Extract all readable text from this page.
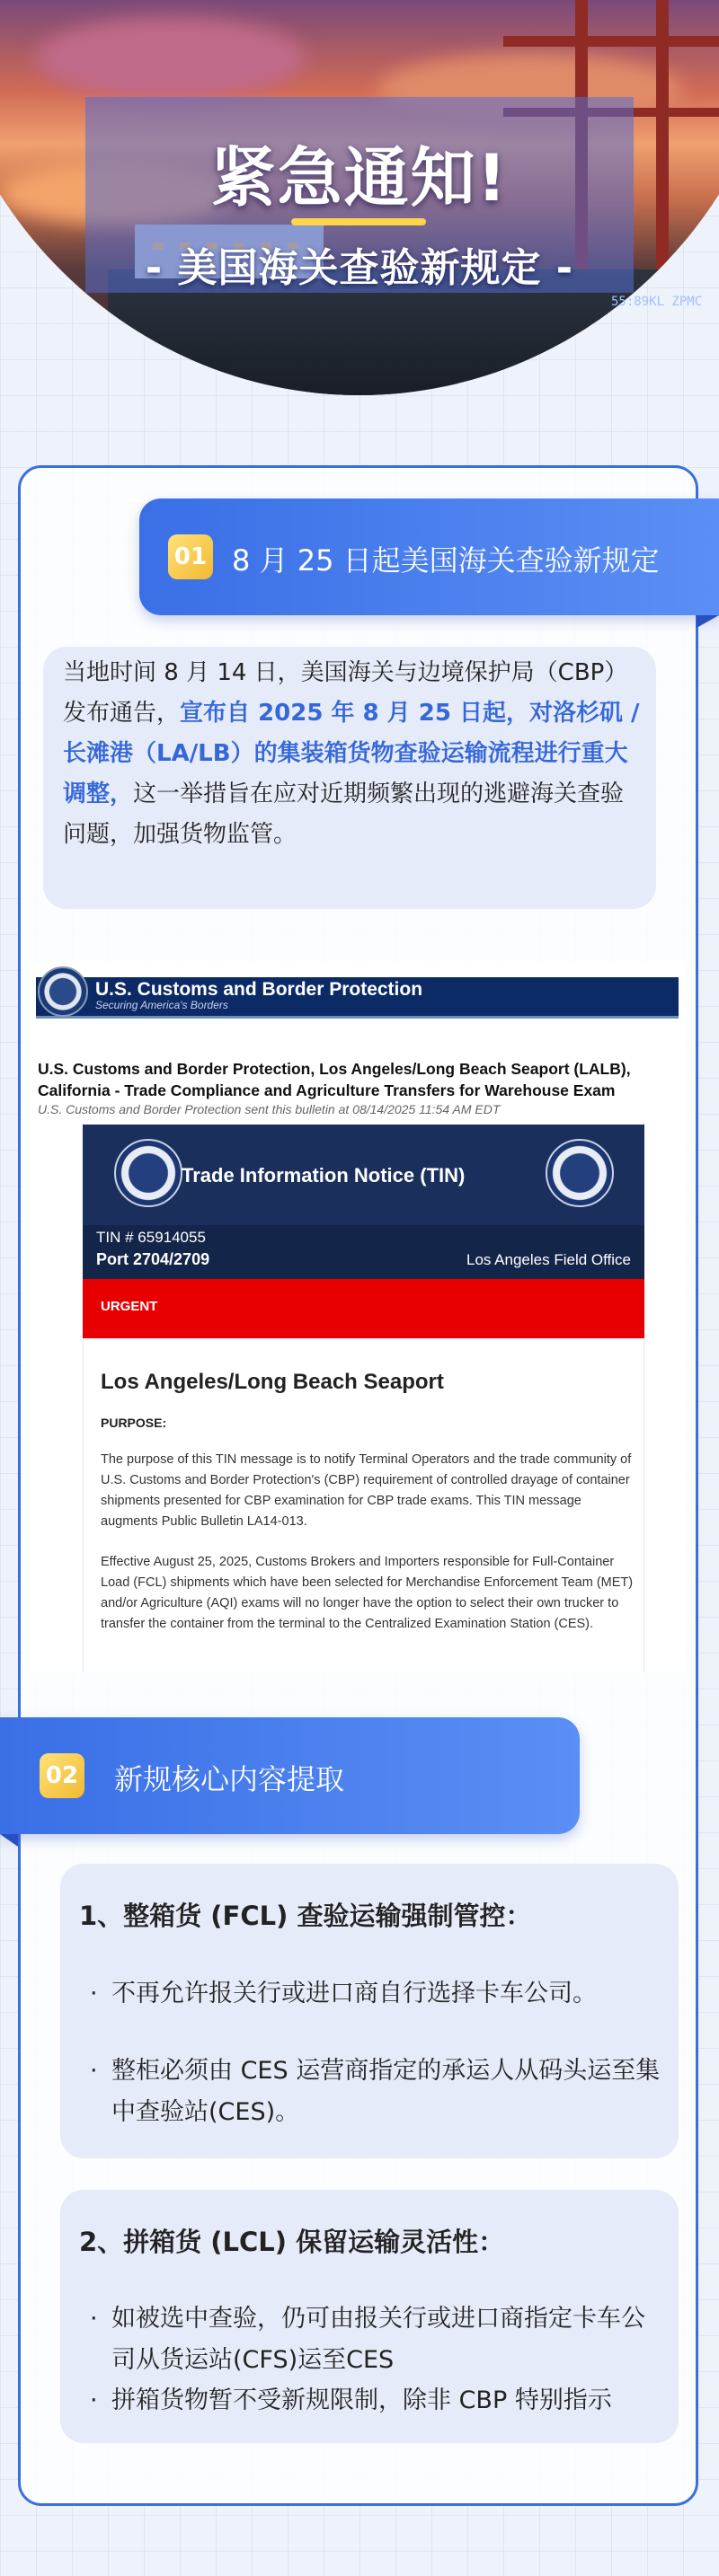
紧急通知!
- 美国海关查验新规定 -
55:89KL ZPMC
01 8 月 25 日起美国海关查验新规定
当地时间 8 月 14 日，美国海关与边境保护局（CBP）发布通告，宣布自 2025 年 8 月 25 日起，对洛杉矶 / 长滩港（LA/LB）的集装箱货物查验运输流程进行重大调整，这一举措旨在应对近期频繁出现的逃避海关查验问题，加强货物监管。
U.S. Customs and Border Protection
Securing America's Borders
U.S. Customs and Border Protection, Los Angeles/Long Beach Seaport (LALB), California - Trade Compliance and Agriculture Transfers for Warehouse Exam
U.S. Customs and Border Protection sent this bulletin at 08/14/2025 11:54 AM EDT
Trade Information Notice (TIN)
TIN # 65914055
Port 2704/2709	Los Angeles Field Office
URGENT
Los Angeles/Long Beach Seaport
PURPOSE:
The purpose of this TIN message is to notify Terminal Operators and the trade community of U.S. Customs and Border Protection's (CBP) requirement of controlled drayage of container shipments presented for CBP examination for CBP trade exams. This TIN message augments Public Bulletin LA14-013.
Effective August 25, 2025, Customs Brokers and Importers responsible for Full-Container Load (FCL) shipments which have been selected for Merchandise Enforcement Team (MET) and/or Agriculture (AQI) exams will no longer have the option to select their own trucker to transfer the container from the terminal to the Centralized Examination Station (CES).
02 新规核心内容提取
1、整箱货 (FCL) 查验运输强制管控：
· 不再允许报关行或进口商自行选择卡车公司。
· 整柜必须由 CES 运营商指定的承运人从码头运至集中查验站(CES)。
2、拼箱货 (LCL) 保留运输灵活性：
· 如被选中查验，仍可由报关行或进口商指定卡车公司从货运站(CFS)运至CES
· 拼箱货物暂不受新规限制，除非 CBP 特别指示
